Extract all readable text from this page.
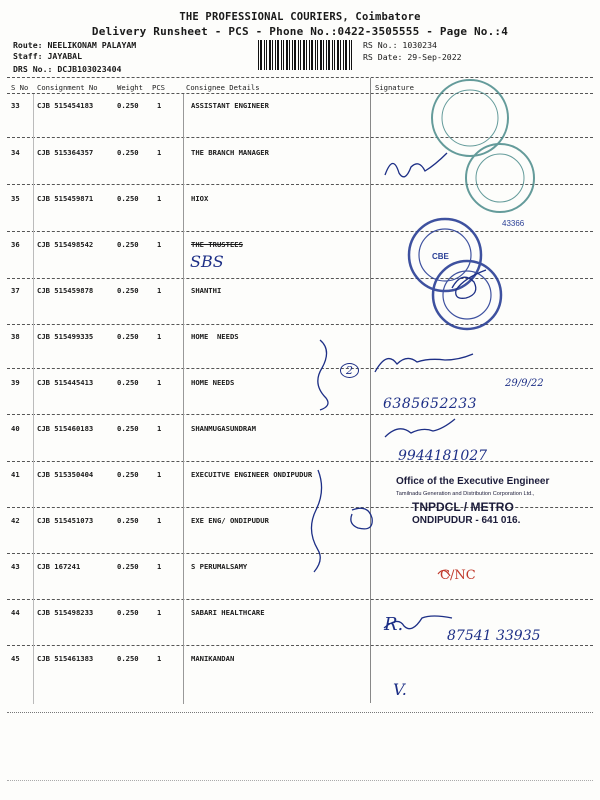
THE PROFESSIONAL COURIERS, Coimbatore
Delivery Runsheet - PCS - Phone No.:0422-3505555 - Page No.:4
Route: NEELIKONAM PALAYAM
Staff: JAYABAL
DRS No.: DCJB103023404
RS No.: 1030234
RS Date: 29-Sep-2022
S No Consignment No	Weight PCS	Consignee Details	Signature
33 CJB 515454183	0.250	1	ASSISTANT ENGINEER
34 CJB 515364357	0.250	1	THE BRANCH MANAGER
35 CJB 515459871	0.250	1	HIOX
36 CJB 515498542	0.250	1	THE TRUSTEES
37 CJB 515459878	0.250	1	SHANTHI
38 CJB 515499335	0.250	1	HOME  NEEDS
39 CJB 515445413	0.250	1	HOME NEEDS
40 CJB 515460183	0.250	1	SHANMUGASUNDRAM
41 CJB 515350404	0.250	1	EXECUITVE ENGINEER ONDIPUDUR
42 CJB 515451073	0.250	1	EXE ENG/ ONDIPUDUR
43 CJB 167241	0.250	1	S PERUMALSAMY
44 CJB 515498233	0.250	1	SABARI HEALTHCARE
45 CJB 515461383	0.250	1	MANIKANDAN
Office of the Executive Engineer
Tamilnadu Generation and Distribution Corporation Ltd.,
TNPDCL / METRO
ONDIPUDUR - 641 016.
CBE
43366
SBS
2
29/9/22
6385652233
9944181027
C/NC
R.
87541 33935
V.
